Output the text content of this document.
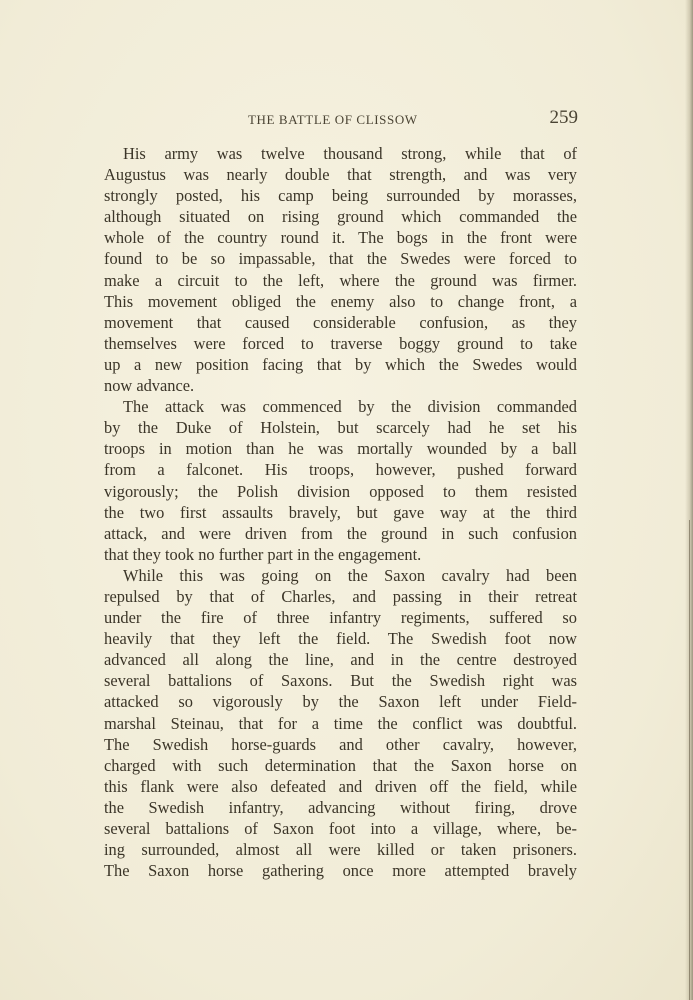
THE BATTLE OF CLISSOW	259
His army was twelve thousand strong, while that of
Augustus was nearly double that strength, and was very
strongly posted, his camp being surrounded by morasses,
although situated on rising ground which commanded the
whole of the country round it. The bogs in the front were
found to be so impassable, that the Swedes were forced to
make a circuit to the left, where the ground was firmer.
This movement obliged the enemy also to change front, a
movement that caused considerable confusion, as they
themselves were forced to traverse boggy ground to take
up a new position facing that by which the Swedes would
now advance.
The attack was commenced by the division commanded
by the Duke of Holstein, but scarcely had he set his
troops in motion than he was mortally wounded by a ball
from a falconet. His troops, however, pushed forward
vigorously; the Polish division opposed to them resisted
the two first assaults bravely, but gave way at the third
attack, and were driven from the ground in such confusion
that they took no further part in the engagement.
While this was going on the Saxon cavalry had been
repulsed by that of Charles, and passing in their retreat
under the fire of three infantry regiments, suffered so
heavily that they left the field. The Swedish foot now
advanced all along the line, and in the centre destroyed
several battalions of Saxons. But the Swedish right was
attacked so vigorously by the Saxon left under Field-
marshal Steinau, that for a time the conflict was doubtful.
The Swedish horse-guards and other cavalry, however,
charged with such determination that the Saxon horse on
this flank were also defeated and driven off the field, while
the Swedish infantry, advancing without firing, drove
several battalions of Saxon foot into a village, where, be-
ing surrounded, almost all were killed or taken prisoners.
The Saxon horse gathering once more attempted bravely
